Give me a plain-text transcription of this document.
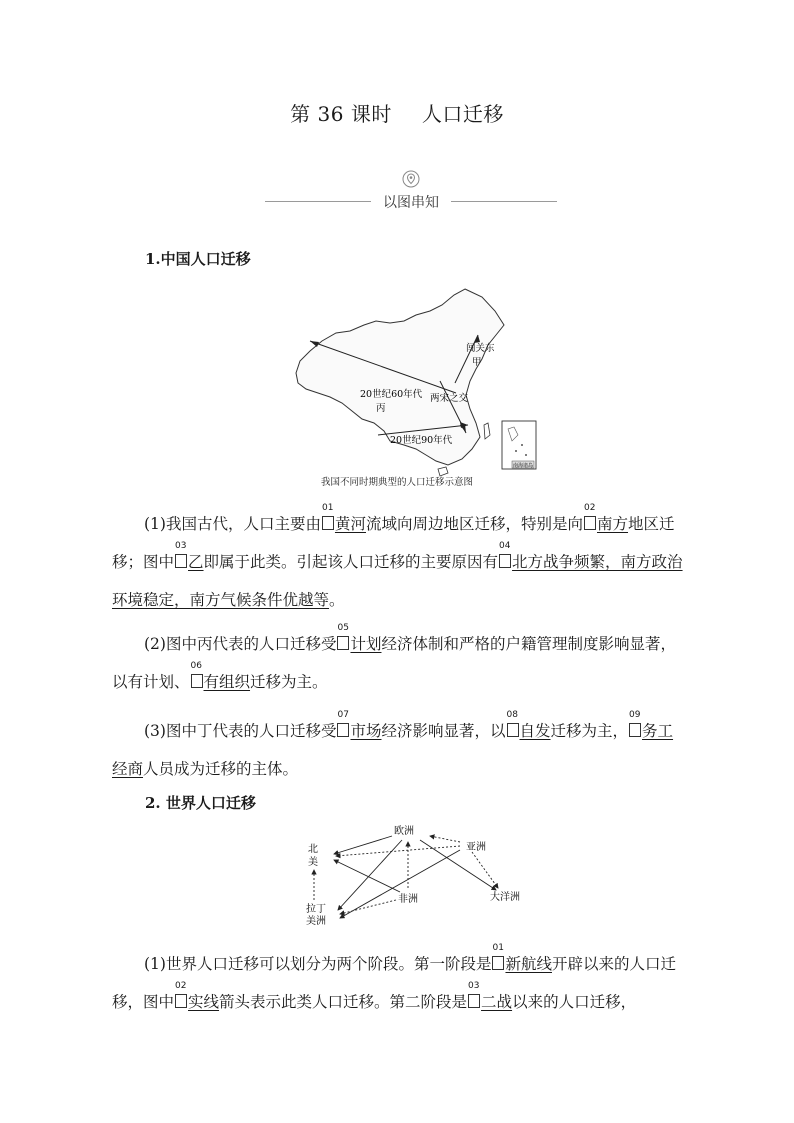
第 36 课时 人口迁移
以图串知
1.中国人口迁移
闯关东
甲
20世纪60年代
丙
两宋之交
20世纪90年代
南海诸岛
我国不同时期典型的人口迁移示意图
(1)我国古代，人口主要由
01
黄河流域向周边地区迁移，特别是向
02
南方地区迁移；图中
03
乙即属于此类。引起该人口迁移的主要原因有
04
北方战争频繁，南方政治环境稳定，南方气候条件优越等。
(2)图中丙代表的人口迁移受
05
计划经济体制和严格的户籍管理制度影响显著，以有计划、
06
有组织迁移为主。
(3)图中丁代表的人口迁移受
07
市场经济影响显著，以
08
自发迁移为主，
09
务工经商人员成为迁移的主体。
2. 世界人口迁移
欧洲
亚洲
北
美
拉丁
美洲
非洲	大洋洲
(1)世界人口迁移可以划分为两个阶段。第一阶段是
01
新航线开辟以来的人口迁移，图中
02
实线箭头表示此类人口迁移。第二阶段是
03
二战以来的人口迁移，
